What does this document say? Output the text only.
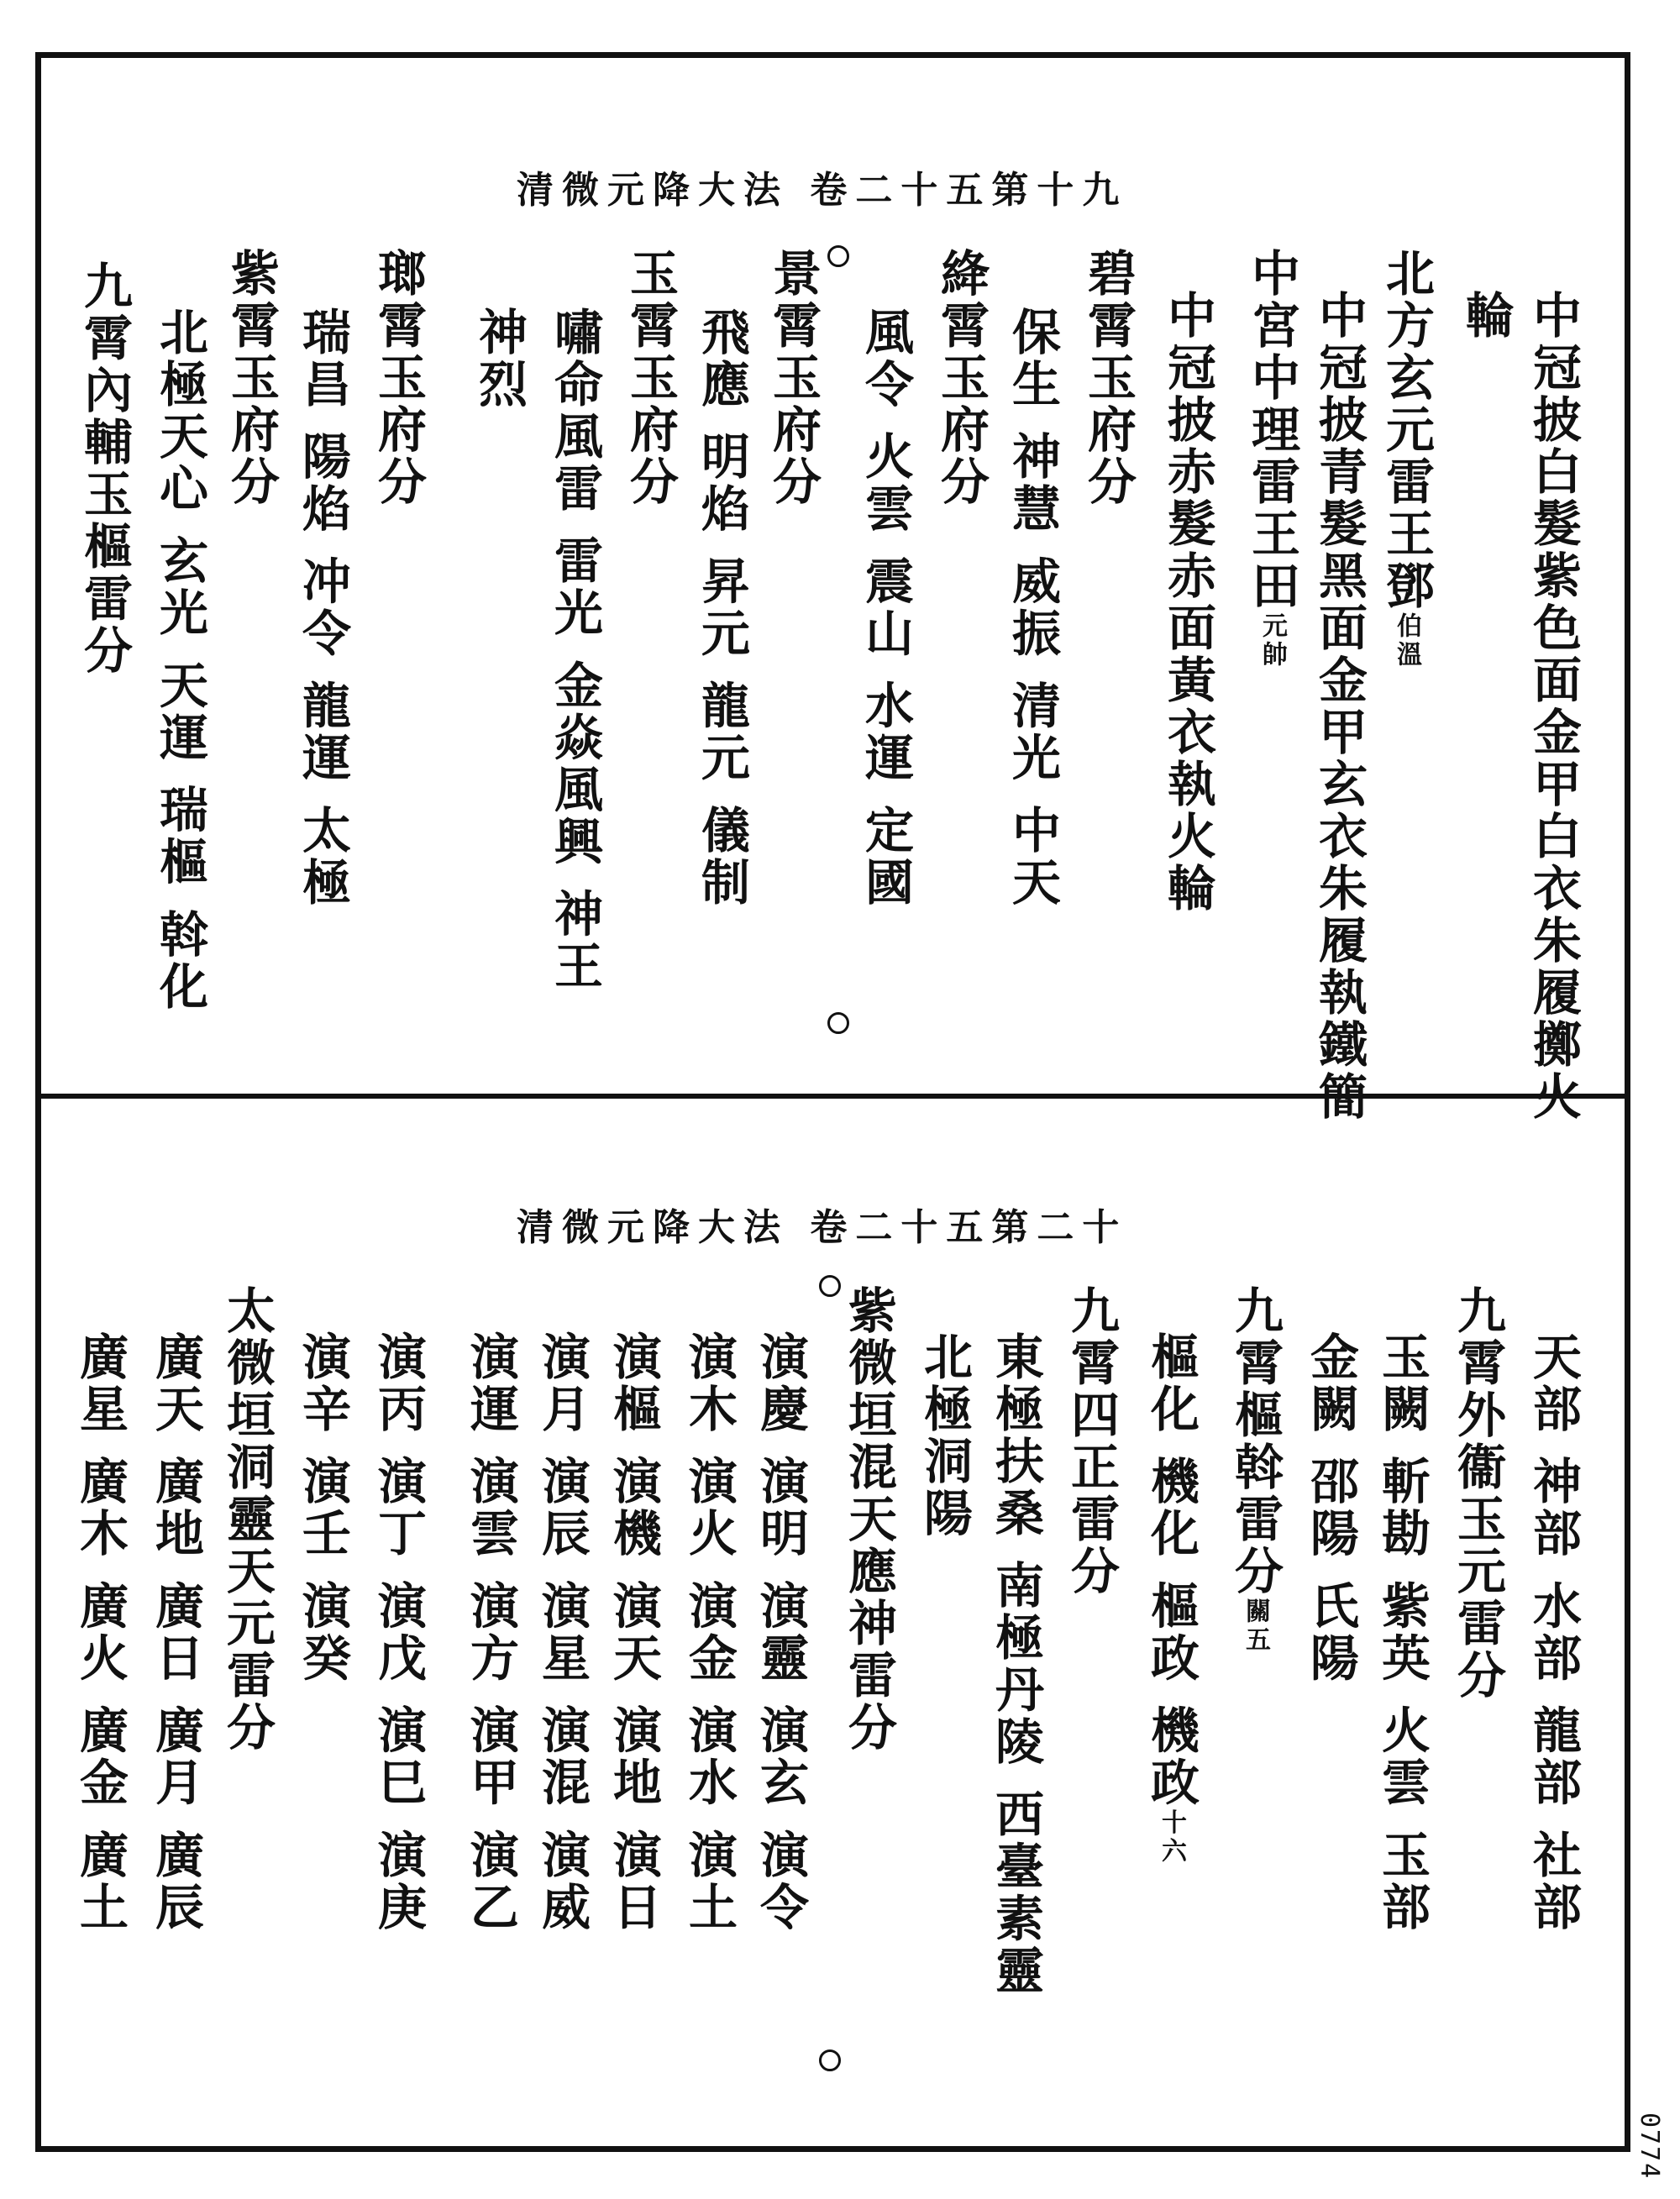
清微元降大法 卷二十五第十九
中冠披白髮紫色面金甲白衣朱履擲火
輪
北方玄元雷王鄧伯溫
中冠披青髮黑面金甲玄衣朱履執鐵簡
中宮中理雷王田元帥
中冠披赤髮赤面黃衣執火輪
碧霄玉府分
保生 神慧 威振 清光 中天
絳霄玉府分
風令 火雲 震山 水運 定國
景霄玉府分
飛應 明焰 昇元 龍元 儀制
玉霄玉府分
嘯命風雷 雷光 金焱風興 神王
神烈
瑯霄玉府分
瑞昌 陽焰 冲令 龍運 太極
紫霄玉府分
北極天心 玄光 天運 瑞樞 斡化
九霄內輔玉樞雷分
清微元降大法 卷二十五第二十
天部 神部 水部 龍部 社部
九霄外衞玉元雷分
玉闕 斬勘 紫英 火雲 玉部
金闕 邵陽 氏陽
九霄樞斡雷分關五
樞化 機化 樞政 機政十六
九霄四正雷分
東極扶桑 南極丹陵 西臺素靈
北極洞陽
紫微垣混天應神雷分
演慶 演明 演靈 演玄 演令
演木 演火 演金 演水 演土
演樞 演機 演天 演地 演日
演月 演辰 演星 演混 演威
演運 演雲 演方 演甲 演乙
演丙 演丁 演戊 演巳 演庚
演辛 演壬 演癸
太微垣洞靈天元雷分
廣天 廣地 廣日 廣月 廣辰
廣星 廣木 廣火 廣金 廣土
0774
